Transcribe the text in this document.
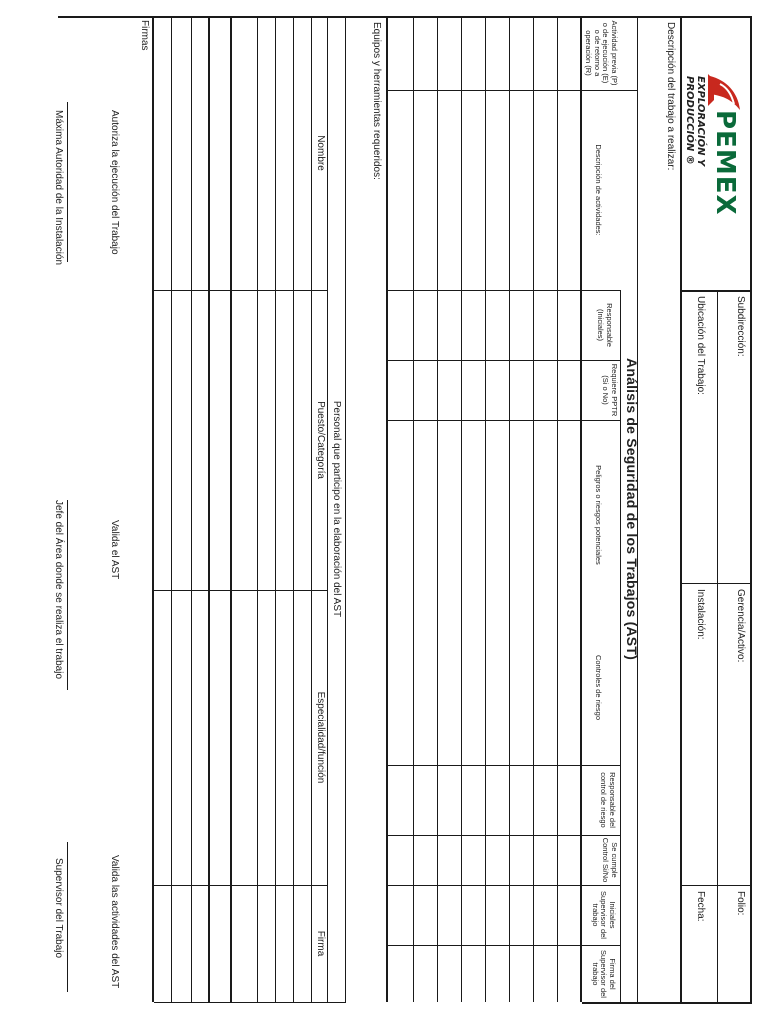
PEMEX
EXPLORACIÓN Y PRODUCCIÓN ®
Subdirección:
Gerencia/Activo:
Folio:
Ubicación del Trabajo:
Instalación:
Fecha:
Descripción del trabajo a realizar:
Análisis de Seguridad de los Trabajos (AST)
Actividad previa (P) o de ejecución (E) o de retorno a operación (R)
Descripción de actividades:
Responsable (Iniciales)
Requiere PPTR (Si o No)
Peligros o riesgos potenciales
Controles de riesgo
Responsable del control de riesgo
Se cumple Control Si/No
Iniciales Supervisor del trabajo
Firma del Supervisor del trabajo
Equipos y herramientas requeridos:
Personal que participo en la elaboración del AST
Nombre
Puesto/Categoría
Especialidad/función
Firma
Firmas
Autoriza la ejecución del Trabajo
Valida el AST
Valida las actividades del AST
Máxima Autoridad de la Instalación
Jefe del Área donde se realiza el trabajo
Supervisor del Trabajo
